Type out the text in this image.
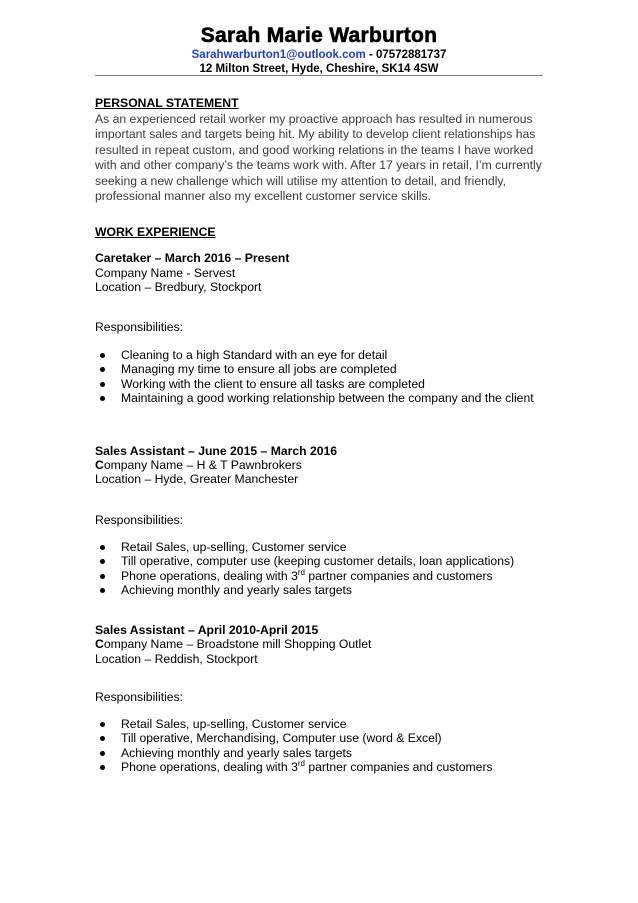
Sarah Marie Warburton
Sarahwarburton1@outlook.com - 07572881737
12 Milton Street, Hyde, Cheshire, SK14 4SW
PERSONAL STATEMENT
As an experienced retail worker my proactive approach has resulted in numerous
important sales and targets being hit. My ability to develop client relationships has
resulted in repeat custom, and good working relations in the teams I have worked
with and other company’s the teams work with. After 17 years in retail, I’m currently
seeking a new challenge which will utilise my attention to detail, and friendly,
professional manner also my excellent customer service skills.
WORK EXPERIENCE
Caretaker – March 2016 – Present
Company Name - Servest
Location – Bredbury, Stockport
Responsibilities:
Cleaning to a high Standard with an eye for detail
Managing my time to ensure all jobs are completed
Working with the client to ensure all tasks are completed
Maintaining a good working relationship between the company and the client
Sales Assistant – June 2015 – March 2016
Company Name – H & T Pawnbrokers
Location – Hyde, Greater Manchester
Responsibilities:
Retail Sales, up-selling, Customer service
Till operative, computer use (keeping customer details, loan applications)
Phone operations, dealing with 3rd partner companies and customers
Achieving monthly and yearly sales targets
Sales Assistant – April 2010-April 2015
Company Name – Broadstone mill Shopping Outlet
Location – Reddish, Stockport
Responsibilities:
Retail Sales, up-selling, Customer service
Till operative, Merchandising, Computer use (word & Excel)
Achieving monthly and yearly sales targets
Phone operations, dealing with 3rd partner companies and customers
